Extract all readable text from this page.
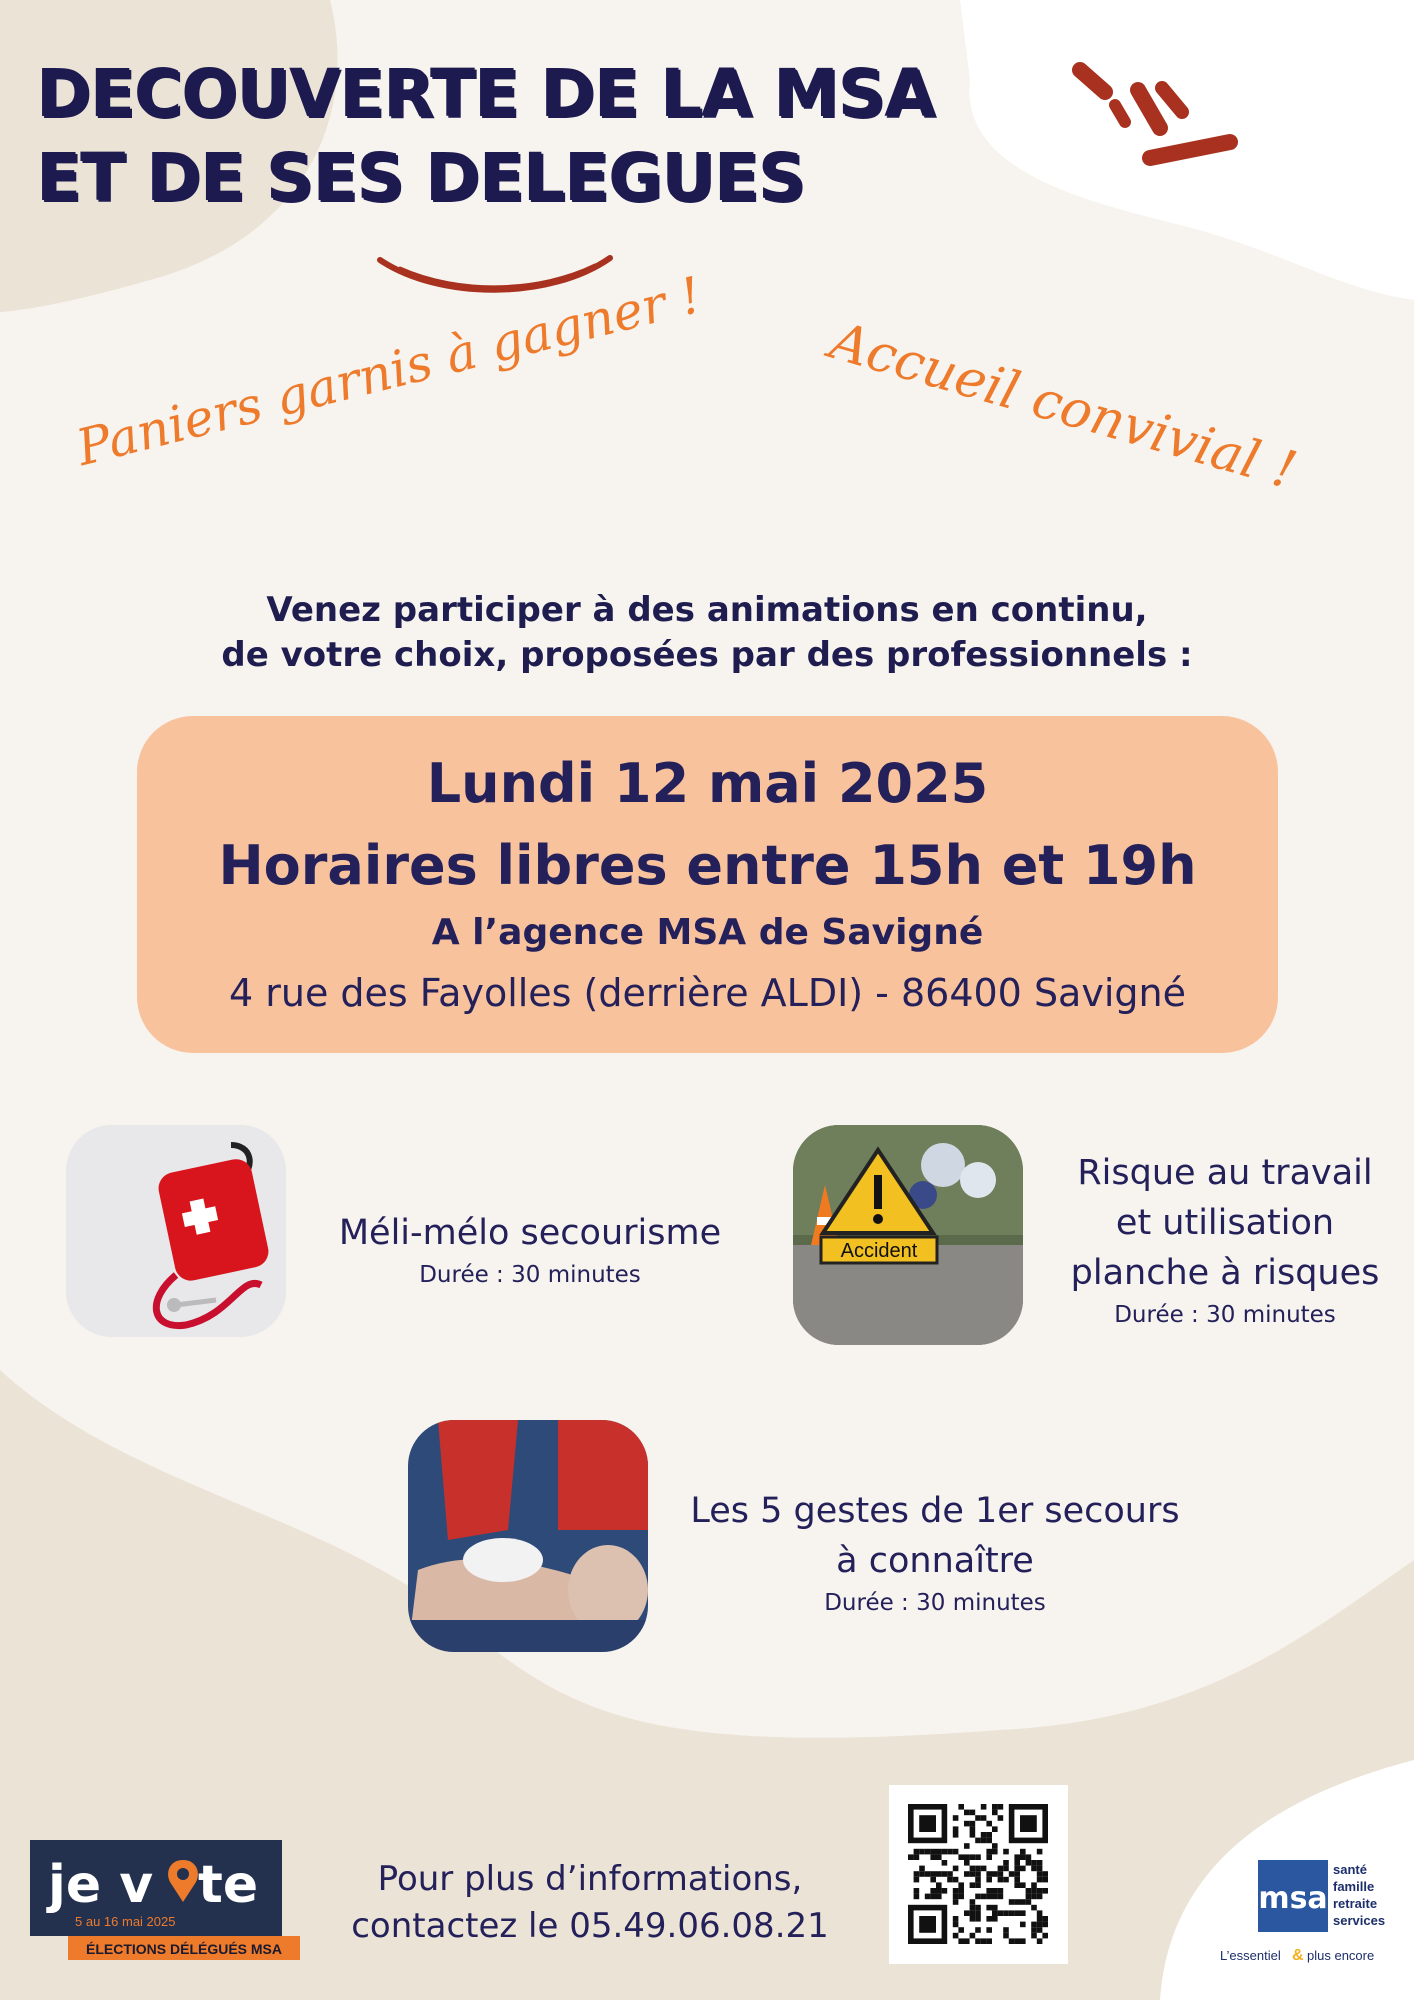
DECOUVERTE DE LA MSA
ET DE SES DELEGUES
Paniers garnis à gagner ! Accueil convivial !
Venez participer à des animations en continu,
de votre choix, proposées par des professionnels :
Lundi 12 mai 2025
Horaires libres entre 15h et 19h
A l’agence MSA de Savigné
4 rue des Fayolles (derrière ALDI) - 86400 Savigné
Méli-mélo secourisme
Durée : 30 minutes
Accident
Risque au travail
et utilisation
planche à risques
Durée : 30 minutes
Les 5 gestes de 1er secours
à connaître
Durée : 30 minutes
je v te
5 au 16 mai 2025
ÉLECTIONS DÉLÉGUÉS MSA
Pour plus d’informations,
contactez le 05.49.06.08.21
msa
santé
famille
retraite
services
L’essentiel & plus encore
